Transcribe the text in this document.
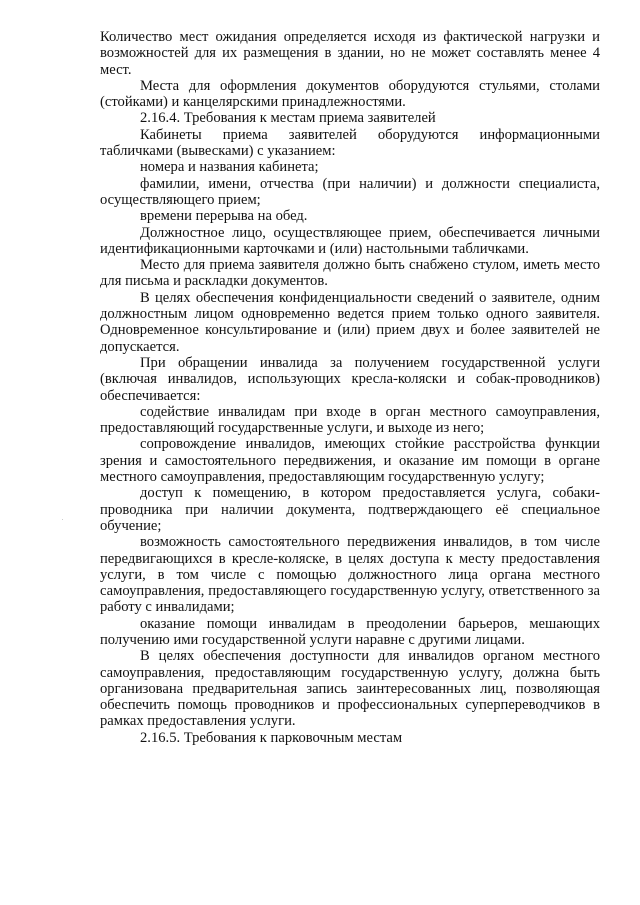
Количество мест ожидания определяется исходя из фактической нагрузки и возможностей для их размещения в здании, но не может составлять менее 4 мест.

Места для оформления документов оборудуются стульями, столами (стойками) и канцелярскими принадлежностями.

2.16.4. Требования к местам приема заявителей

Кабинеты приема заявителей оборудуются информационными табличками (вывесками) с указанием:

номера и названия кабинета;

фамилии, имени, отчества (при наличии) и должности специалиста, осуществляющего прием;

времени перерыва на обед.

Должностное лицо, осуществляющее прием, обеспечивается личными идентификационными карточками и (или) настольными табличками.

Место для приема заявителя должно быть снабжено стулом, иметь место для письма и раскладки документов.

В целях обеспечения конфиденциальности сведений о заявителе, одним должностным лицом одновременно ведется прием только одного заявителя. Одновременное консультирование и (или) прием двух и более заявителей не допускается.

При обращении инвалида за получением государственной услуги (включая инвалидов, использующих кресла-коляски и собак-проводников) обеспечивается:

содействие инвалидам при входе в орган местного самоуправления, предоставляющий государственные услуги, и выходе из него;

сопровождение инвалидов, имеющих стойкие расстройства функции зрения и самостоятельного передвижения, и оказание им помощи в органе местного самоуправления, предоставляющим государственную услугу;

доступ к помещению, в котором предоставляется услуга, собаки-проводника при наличии документа, подтверждающего её специальное обучение;

возможность самостоятельного передвижения инвалидов, в том числе передвигающихся в кресле-коляске, в целях доступа к месту предоставления услуги, в том числе с помощью должностного лица органа местного самоуправления, предоставляющего государственную услугу, ответственного за работу с инвалидами;

оказание помощи инвалидам в преодолении барьеров, мешающих получению ими государственной услуги наравне с другими лицами.

В целях обеспечения доступности для инвалидов органом местного самоуправления, предоставляющим государственную услугу, должна быть организована предварительная запись заинтересованных лиц, позволяющая обеспечить помощь проводников и профессиональных суперпереводчиков в рамках предоставления услуги.

2.16.5. Требования к парковочным местам
